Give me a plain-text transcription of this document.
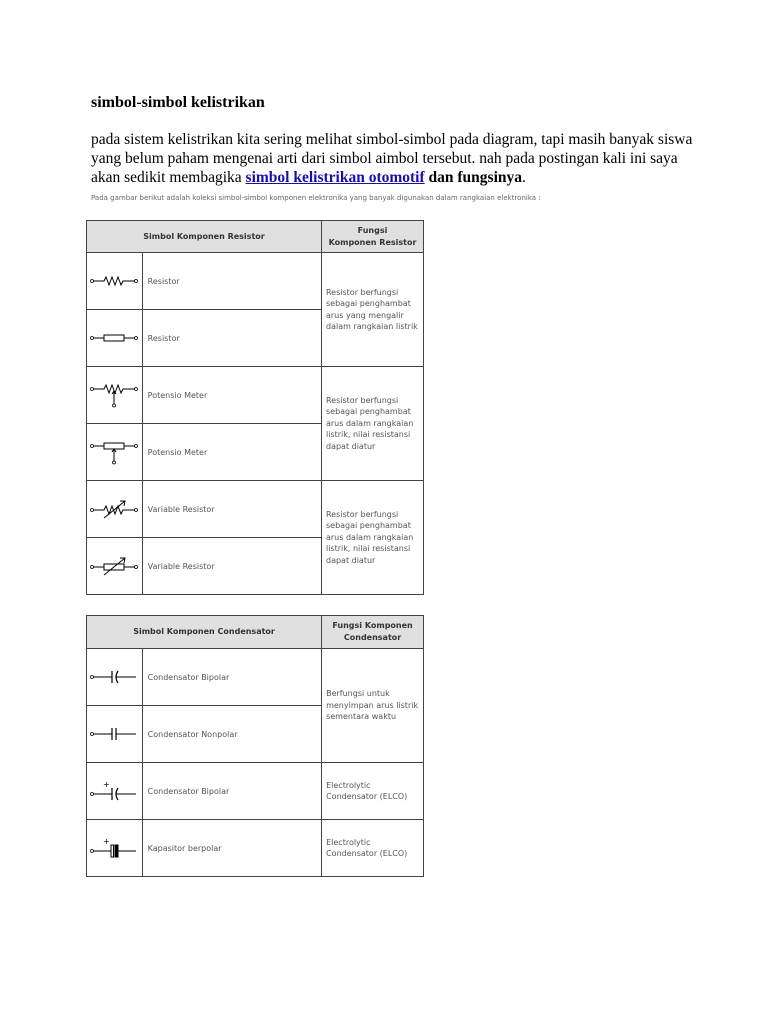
simbol-simbol kelistrikan

pada sistem kelistrikan kita sering melihat simbol-simbol pada diagram, tapi masih banyak siswa yang belum paham mengenai arti dari simbol aimbol tersebut. nah pada postingan kali ini saya akan sedikit membagika simbol kelistrikan otomotif dan fungsinya.

Pada gambar berikut adalah koleksi simbol-simbol komponen elektronika yang banyak digunakan dalam rangkaian elektronika :

Simbol Komponen Resistor		Fungsi
Komponen Resistor

	Resistor	Resistor berfungsi sebagai penghambat arus yang mengalir dalam rangkaian listrik

	Resistor	

	Potensio Meter	Resistor berfungsi sebagai penghambat arus dalam rangkaian listrik, nilai resistansi dapat diatur

	Potensio Meter	

	Variable Resistor	Resistor berfungsi sebagai penghambat arus dalam rangkaian listrik, nilai resistansi dapat diatur

	Variable Resistor	
Simbol Komponen Condensator		Fungsi Komponen
Condensator

	Condensator Bipolar	Berfungsi untuk menyimpan arus listrik sementara waktu

	Condensator Nonpolar	

+	Condensator Bipolar	Electrolytic Condensator (ELCO)

+	Kapasitor berpolar	Electrolytic Condensator (ELCO)
